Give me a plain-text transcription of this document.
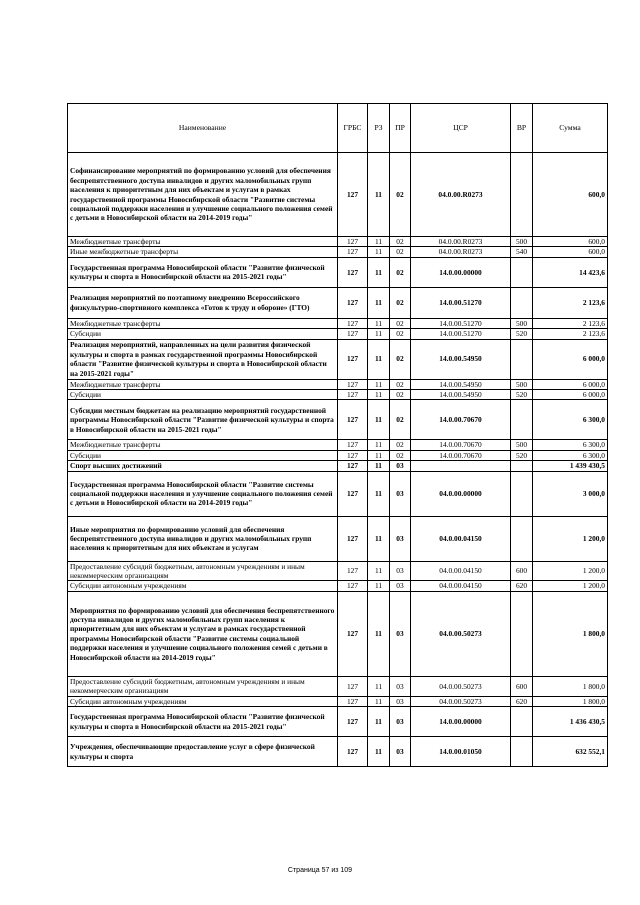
Наименование	ГРБС	РЗ	ПР	ЦСР	ВР	Сумма
Софинансирование мероприятий по формированию условий для обеспечения беспрепятственного доступа инвалидов и других маломобильных групп населения к приоритетным для них объектам и услугам в рамках государственной программы Новосибирской области "Развитие системы социальной поддержки населения и улучшение социального положения семей с детьми в Новосибирской области на 2014-2019 годы"	127	11	02	04.0.00.R0273		600,0
Межбюджетные трансферты	127	11	02	04.0.00.R0273	500	600,0
Иные межбюджетные трансферты	127	11	02	04.0.00.R0273	540	600,0
Государственная программа Новосибирской области "Развитие физической культуры и спорта в Новосибирской области на 2015-2021 годы"	127	11	02	14.0.00.00000		14 423,6
Реализация мероприятий по поэтапному внедрению Всероссийского физкультурно-спортивного комплекса «Готов к труду и обороне» (ГТО)	127	11	02	14.0.00.51270		2 123,6
Межбюджетные трансферты	127	11	02	14.0.00.51270	500	2 123,6
Субсидии	127	11	02	14.0.00.51270	520	2 123,6
Реализация мероприятий, направленных на цели развития физической культуры и спорта в рамках государственной программы Новосибирской области "Развитие физической культуры и спорта в Новосибирской области на 2015-2021 годы"	127	11	02	14.0.00.54950		6 000,0
Межбюджетные трансферты	127	11	02	14.0.00.54950	500	6 000,0
Субсидии	127	11	02	14.0.00.54950	520	6 000,0
Субсидии местным бюджетам на реализацию мероприятий государственной программы Новосибирской области "Развитие физической культуры и спорта в Новосибирской области на 2015-2021 годы"	127	11	02	14.0.00.70670		6 300,0
Межбюджетные трансферты	127	11	02	14.0.00.70670	500	6 300,0
Субсидии	127	11	02	14.0.00.70670	520	6 300,0
Спорт высших достижений	127	11	03			1 439 430,5
Государственная программа Новосибирской области "Развитие системы социальной поддержки населения и улучшение социального положения семей с детьми в Новосибирской области на 2014-2019 годы"	127	11	03	04.0.00.00000		3 000,0
Иные мероприятия по формированию условий для обеспечения беспрепятственного доступа инвалидов и других маломобильных групп населения к приоритетным для них объектам и услугам	127	11	03	04.0.00.04150		1 200,0
Предоставление субсидий бюджетным, автономным учреждениям и иным некоммерческим организациям	127	11	03	04.0.00.04150	600	1 200,0
Субсидии автономным учреждениям	127	11	03	04.0.00.04150	620	1 200,0
Мероприятия по формированию условий для обеспечения беспрепятственного доступа инвалидов и других маломобильных групп населения к приоритетным для них объектам и услугам в рамках государственной программы Новосибирской области "Развитие системы социальной поддержки населения и улучшение социального положения семей с детьми в Новосибирской области на 2014-2019 годы"	127	11	03	04.0.00.50273		1 800,0
Предоставление субсидий бюджетным, автономным учреждениям и иным некоммерческим организациям	127	11	03	04.0.00.50273	600	1 800,0
Субсидии автономным учреждениям	127	11	03	04.0.00.50273	620	1 800,0
Государственная программа Новосибирской области "Развитие физической культуры и спорта в Новосибирской области на 2015-2021 годы"	127	11	03	14.0.00.00000		1 436 430,5
Учреждения, обеспечивающие предоставление услуг в сфере физической культуры и спорта	127	11	03	14.0.00.01050		632 552,1
Страница 57 из 109
